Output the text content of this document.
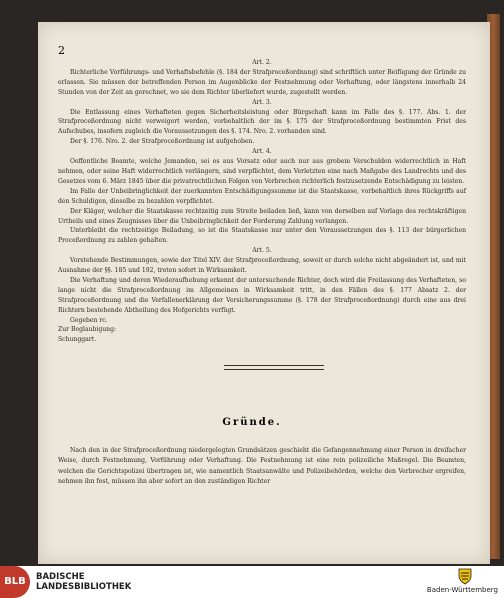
2

Art. 2.

Richterliche Vorführungs- und Verhaftsbefehle (§. 184 der Strafproceßordnung) sind schriftlich unter Beifügung der Gründe zu erlassen. Sie müssen der betreffenden Person im Augenblicke der Festnehmung oder Verhaftung, oder längstens innerhalb 24 Stunden von der Zeit an gerechnet, wo sie dem Richter überliefert wurde, zugestellt werden.

Art. 3.

Die Entlassung eines Verhafteten gegen Sicherheitsleistung oder Bürgschaft kann im Falle des §. 177. Abs. 1. der Strafproceßordnung nicht verweigert werden, vorbehaltlich der im §. 175 der Strafproceßordnung bestimmten Frist des Aufschubes, insofern zugleich die Voraussetzungen des §. 174. Nro. 2. vorhanden sind.

Der §. 176. Nro. 2. der Strafproceßordnung ist aufgehoben.

Art. 4.

Oeffentliche Beamte, welche Jemanden, sei es aus Vorsatz oder auch nur aus grobem Verschulden widerrechtlich in Haft nehmen, oder seine Haft widerrechtlich verlängern, sind verpflichtet, dem Verletzten eine nach Maßgabe des Landrechts und des Gesetzes vom 6. März 1845 über die privatrechtlichen Folgen von Verbrechen richterlich festzusetzende Entschädigung zu leisten.

Im Falle der Unbeibringlichkeit der zuerkannten Entschädigungssumme ist die Staatskasse, vorbehaltlich ihres Rückgriffs auf den Schuldigen, dieselbe zu bezahlen verpflichtet.

Der Kläger, welcher die Staatskasse rechtzeitig zum Streite beiladen ließ, kann von derselben auf Vorlage des rechtskräftigen Urtheils und eines Zeugnisses über die Unbeibringlichkeit der Forderung Zahlung verlangen.

Unterbleibt die rechtzeitige Beiladung, so ist die Staatskasse nur unter den Voraussetzungen des §. 113 der bürgerlichen Proceßordnung zu zahlen gehalten.

Art. 5.

Vorstehende Bestimmungen, sowie der Titel XIV. der Strafproceßordnung, soweit er durch solche nicht abgeändert ist, und mit Ausnahme der §§. 185 und 192, treten sofort in Wirksamkeit.

Die Verhaftung und deren Wiederaufhebung erkennt der untersuchende Richter, doch wird die Freilassung des Verhafteten, so lange nicht die Strafproceßordnung im Allgemeinen in Wirksamkeit tritt, in den Fällen des §. 177 Absatz 2. der Strafproceßordnung und die Verfallenerklärung der Versicherungssumme (§. 178 der Strafproceßordnung) durch eine aus drei Richtern bestehende Abtheilung des Hofgerichts verfügt.

Gegeben rc.

Zur Beglaubigung:

Schunggart.

Gründe.

Nach den in der Strafproceßordnung niedergelegten Grundsätzen geschieht die Gefangennehmung einer Person in dreifacher Weise, durch Festnehmung, Vorführung oder Verhaftung. Die Festnehmung ist eine rein polizeiliche Maßregel. Die Beamten, welchen die Gerichtspolizei übertragen ist, wie namentlich Staatsanwälte und Polizeibehörden, welche den Verbrecher ergreifen, nehmen ihn fest, müssen ihn aber sofort an den zuständigen Richter

BLB	BADISCHE
LANDESBIBLIOTHEK	Baden-Württemberg
